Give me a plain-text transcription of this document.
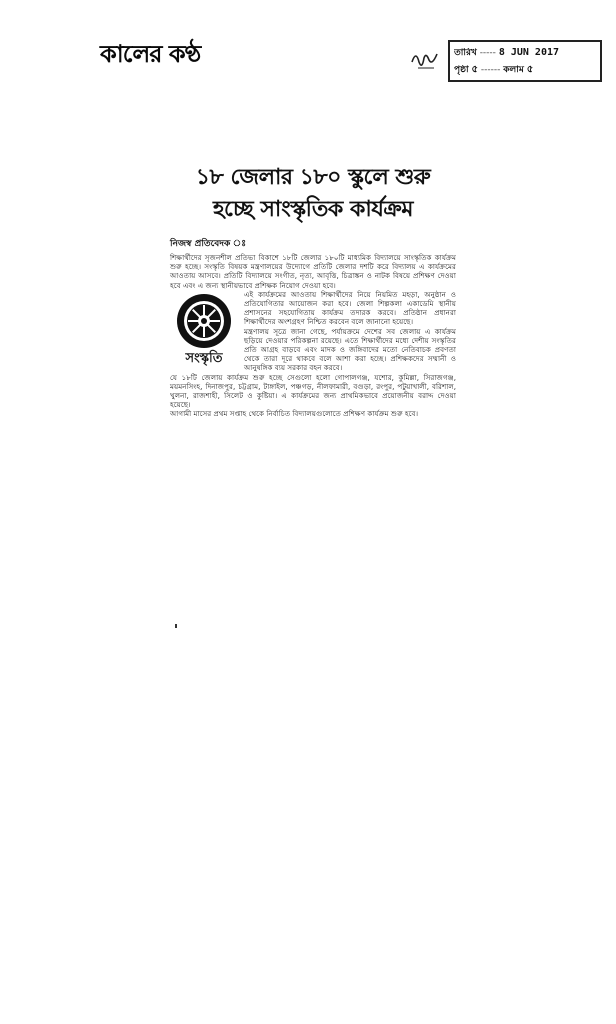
কালের কণ্ঠ	তারিখ ----- 8 JUN 2017
পৃষ্ঠা ৫ ------ কলাম ৫
১৮ জেলার ১৮০ স্কুলে শুরু
হচ্ছে সাংস্কৃতিক কার্যক্রম
নিজস্ব প্রতিবেদক ঃ

শিক্ষার্থীদের সৃজনশীল প্রতিভা বিকাশে ১৮টি জেলার ১৮০টি মাধ্যমিক বিদ্যালয়ে সাংস্কৃতিক কার্যক্রম শুরু হচ্ছে। সংস্কৃতি বিষয়ক মন্ত্রণালয়ের উদ্যোগে প্রতিটি জেলার দশটি করে বিদ্যালয় এ কার্যক্রমের আওতায় আসবে। প্রতিটি বিদ্যালয়ে সংগীত, নৃত্য, আবৃত্তি, চিত্রাঙ্কন ও নাটক বিষয়ে প্রশিক্ষণ দেওয়া হবে এবং এ জন্য স্থানীয়ভাবে প্রশিক্ষক নিয়োগ দেওয়া হবে।

সংস্কৃতি

এই কার্যক্রমের আওতায় শিক্ষার্থীদের নিয়ে নিয়মিত মহড়া, অনুষ্ঠান ও প্রতিযোগিতার আয়োজন করা হবে। জেলা শিল্পকলা একাডেমি স্থানীয় প্রশাসনের সহযোগিতায় কার্যক্রম তদারক করবে। প্রতিষ্ঠান প্রধানরা শিক্ষার্থীদের অংশগ্রহণ নিশ্চিত করবেন বলে জানানো হয়েছে।

মন্ত্রণালয় সূত্রে জানা গেছে, পর্যায়ক্রমে দেশের সব জেলায় এ কার্যক্রম ছড়িয়ে দেওয়ার পরিকল্পনা রয়েছে। এতে শিক্ষার্থীদের মধ্যে দেশীয় সংস্কৃতির প্রতি আগ্রহ বাড়বে এবং মাদক ও জঙ্গিবাদের মতো নেতিবাচক প্রবণতা থেকে তারা দূরে থাকবে বলে আশা করা হচ্ছে। প্রশিক্ষকদের সম্মানী ও আনুষঙ্গিক ব্যয় সরকার বহন করবে।

যে ১৮টি জেলায় কার্যক্রম শুরু হচ্ছে সেগুলো হলো গোপালগঞ্জ, যশোর, কুমিল্লা, সিরাজগঞ্জ, ময়মনসিংহ, দিনাজপুর, চট্টগ্রাম, টাঙ্গাইল, পঞ্চগড়, নীলফামারী, বগুড়া, রংপুর, পটুয়াখালী, বরিশাল, খুলনা, রাজশাহী, সিলেট ও কুষ্টিয়া। এ কার্যক্রমের জন্য প্রাথমিকভাবে প্রয়োজনীয় বরাদ্দ দেওয়া হয়েছে।

আগামী মাসের প্রথম সপ্তাহ থেকে নির্বাচিত বিদ্যালয়গুলোতে প্রশিক্ষণ কার্যক্রম শুরু হবে।
